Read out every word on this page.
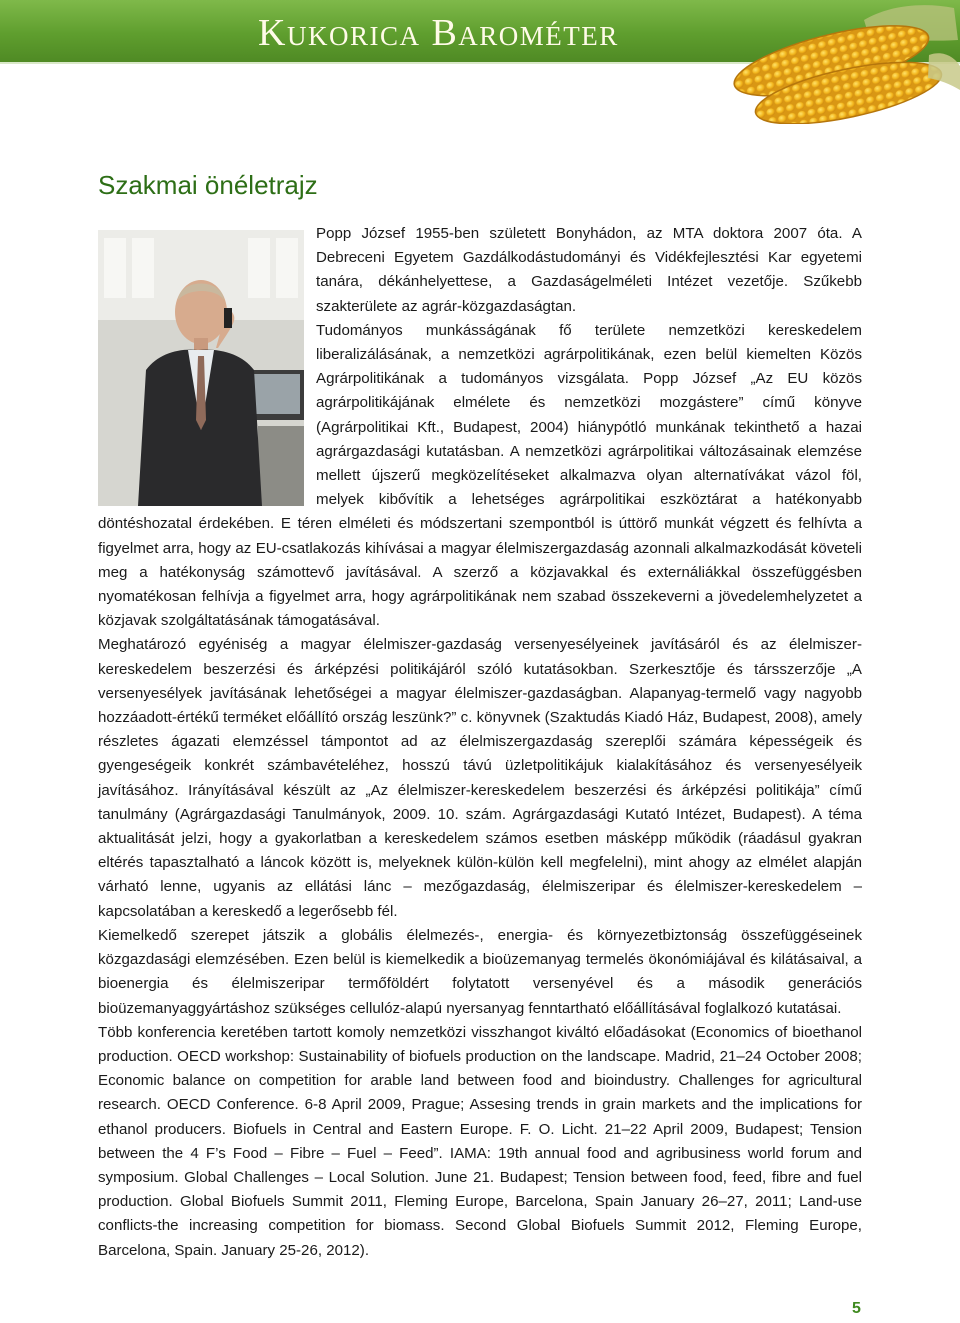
Kukorica Barométer
Szakmai önéletrajz

Popp József 1955-ben született Bonyhádon, az MTA doktora 2007 óta. A Debreceni Egyetem Gazdálkodástudományi és Vidékfejlesztési Kar egyetemi tanára, dékánhelyettese, a Gazdaságelméleti Intézet vezetője. Szűkebb szakterülete az agrár-közgazdaságtan.

Tudományos munkásságának fő területe nemzetközi kereskedelem liberalizálásának, a nemzetközi agrárpolitikának, ezen belül kiemelten Közös Agrárpolitikának a tudományos vizsgálata. Popp József „Az EU közös agrárpolitikájának elmélete és nemzetközi mozgástere” című könyve (Agrárpolitikai Kft., Budapest, 2004) hiánypótló munkának tekinthető a hazai agrárgazdasági kutatásban. A nemzetközi agrárpolitikai változásainak elemzése mellett újszerű megközelítéseket alkalmazva olyan alternatívákat vázol föl, melyek kibővítik a lehetséges agrárpolitikai eszköztárat a hatékonyabb döntéshozatal érdekében. E téren elméleti és módszertani szempontból is úttörő munkát végzett és felhívta a figyelmet arra, hogy az EU-csatlakozás kihívásai a magyar élelmiszergazdaság azonnali alkalmazkodását követeli meg a hatékonyság számottevő javításával. A szerző a közjavakkal és externáliákkal összefüggésben nyomatékosan felhívja a figyelmet arra, hogy agrárpolitikának nem szabad összekeverni a jövedelemhelyzetet a közjavak szolgáltatásának támogatásával.

Meghatározó egyéniség a magyar élelmiszer-gazdaság versenyesélyeinek javításáról és az élelmiszer-kereskedelem beszerzési és árképzési politikájáról szóló kutatásokban. Szerkesztője és társszerzője „A versenyesélyek javításának lehetőségei a magyar élelmiszer-gazdaságban. Alapanyag-termelő vagy nagyobb hozzáadott-értékű terméket előállító ország leszünk?” c. könyvnek (Szaktudás Kiadó Ház, Budapest, 2008), amely részletes ágazati elemzéssel támpontot ad az élelmiszergazdaság szereplői számára képességeik és gyengeségeik konkrét számbavételéhez, hosszú távú üzletpolitikájuk kialakításához és versenyesélyeik javításához. Irányításával készült az „Az élelmiszer-kereskedelem beszerzési és árképzési politikája” című tanulmány (Agrárgazdasági Tanulmányok, 2009. 10. szám. Agrárgazdasági Kutató Intézet, Budapest). A téma aktualitását jelzi, hogy a gyakorlatban a kereskedelem számos esetben másképp működik (ráadásul gyakran eltérés tapasztalható a láncok között is, melyeknek külön-külön kell megfelelni), mint ahogy az elmélet alapján várható lenne, ugyanis az ellátási lánc – mezőgazdaság, élelmiszeripar és élelmiszer-kereskedelem – kapcsolatában a kereskedő a legerősebb fél.

Kiemelkedő szerepet játszik a globális élelmezés-, energia- és környezetbiztonság összefüggéseinek közgazdasági elemzésében. Ezen belül is kiemelkedik a bioüzemanyag termelés ökonómiájával és kilátásaival, a bioenergia és élelmiszeripar termőföldért folytatott versenyével és a második generációs bioüzemanyaggyártáshoz szükséges cellulóz-alapú nyersanyag fenntartható előállításával foglalkozó kutatásai.

Több konferencia keretében tartott komoly nemzetközi visszhangot kiváltó előadásokat (Economics of bioethanol production. OECD workshop: Sustainability of biofuels production on the landscape. Madrid, 21–24 October 2008; Economic balance on competition for arable land between food and bioindustry. Challenges for agricultural research. OECD Conference. 6-8 April 2009, Prague; Assesing trends in grain markets and the implications for ethanol producers. Biofuels in Central and Eastern Europe. F. O. Licht. 21–22 April 2009, Budapest; Tension between the 4 F’s Food – Fibre – Fuel – Feed”. IAMA: 19th annual food and agribusiness world forum and symposium. Global Challenges – Local Solution. June 21. Budapest; Tension between food, feed, fibre and fuel production. Global Biofuels Summit 2011, Fleming Europe, Barcelona, Spain January 26–27, 2011; Land-use conflicts-the increasing competition for biomass. Second Global Biofuels Summit 2012, Fleming Europe, Barcelona, Spain. January 25-26, 2012).

5
